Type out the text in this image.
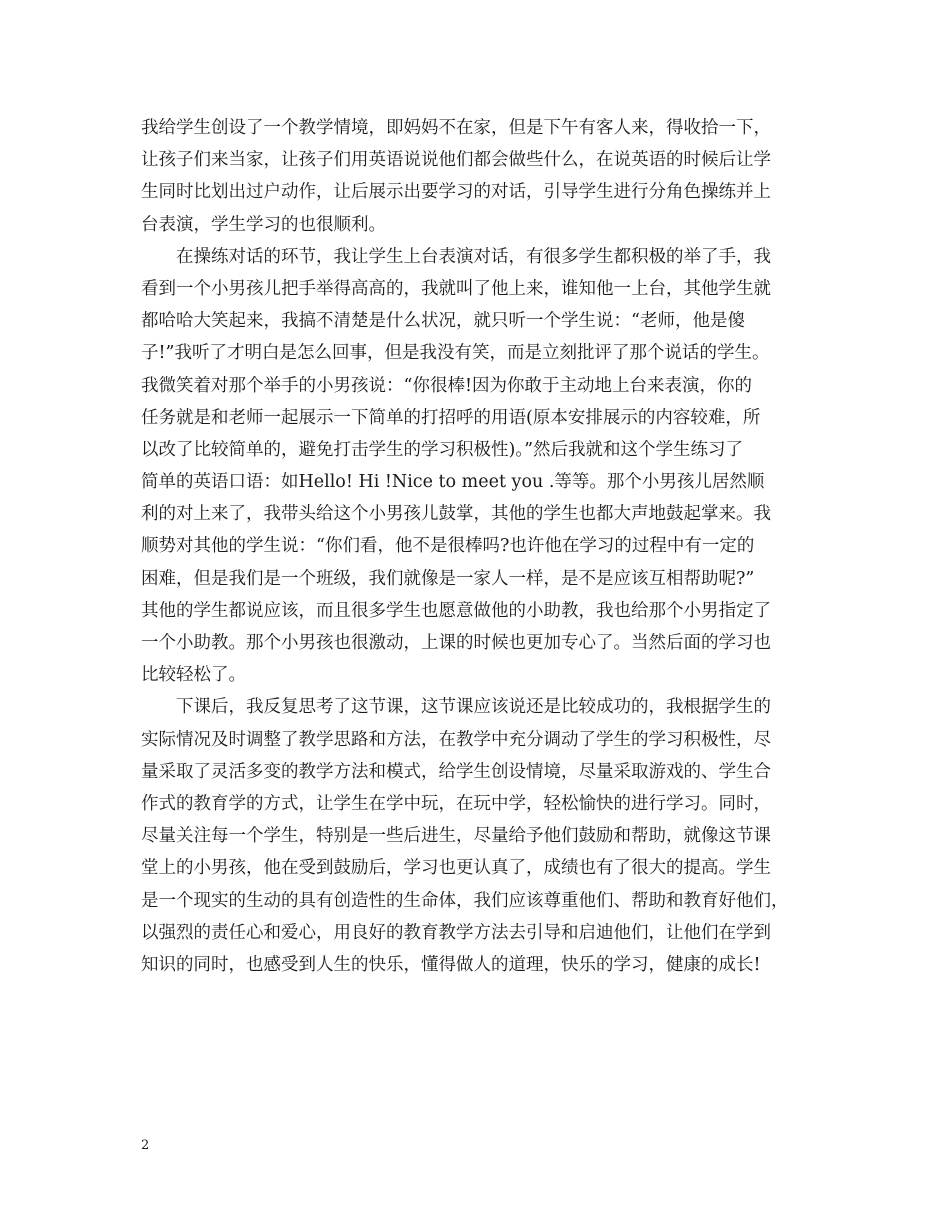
我给学生创设了一个教学情境，即妈妈不在家，但是下午有客人来，得收拾一下，
让孩子们来当家，让孩子们用英语说说他们都会做些什么，在说英语的时候后让学
生同时比划出过户动作，让后展示出要学习的对话，引导学生进行分角色操练并上
台表演，学生学习的也很顺利。
　　在操练对话的环节，我让学生上台表演对话，有很多学生都积极的举了手，我
看到一个小男孩儿把手举得高高的，我就叫了他上来，谁知他一上台，其他学生就
都哈哈大笑起来，我搞不清楚是什么状况，就只听一个学生说：“老师，他是傻
子!”我听了才明白是怎么回事，但是我没有笑，而是立刻批评了那个说话的学生。
我微笑着对那个举手的小男孩说：“你很棒!因为你敢于主动地上台来表演，你的
任务就是和老师一起展示一下简单的打招呼的用语(原本安排展示的内容较难，所
以改了比较简单的，避免打击学生的学习积极性)。”然后我就和这个学生练习了
简单的英语口语：如Hello! Hi !Nice to meet you .等等。那个小男孩儿居然顺
利的对上来了，我带头给这个小男孩儿鼓掌，其他的学生也都大声地鼓起掌来。我
顺势对其他的学生说：“你们看，他不是很棒吗?也许他在学习的过程中有一定的
困难，但是我们是一个班级，我们就像是一家人一样，是不是应该互相帮助呢?”
其他的学生都说应该，而且很多学生也愿意做他的小助教，我也给那个小男指定了
一个小助教。那个小男孩也很激动，上课的时候也更加专心了。当然后面的学习也
比较轻松了。
　　下课后，我反复思考了这节课，这节课应该说还是比较成功的，我根据学生的
实际情况及时调整了教学思路和方法，在教学中充分调动了学生的学习积极性，尽
量采取了灵活多变的教学方法和模式，给学生创设情境，尽量采取游戏的、学生合
作式的教育学的方式，让学生在学中玩，在玩中学，轻松愉快的进行学习。同时，
尽量关注每一个学生，特别是一些后进生，尽量给予他们鼓励和帮助，就像这节课
堂上的小男孩，他在受到鼓励后，学习也更认真了，成绩也有了很大的提高。学生
是一个现实的生动的具有创造性的生命体，我们应该尊重他们、帮助和教育好他们，
以强烈的责任心和爱心，用良好的教育教学方法去引导和启迪他们，让他们在学到
知识的同时，也感受到人生的快乐，懂得做人的道理，快乐的学习，健康的成长!
2
